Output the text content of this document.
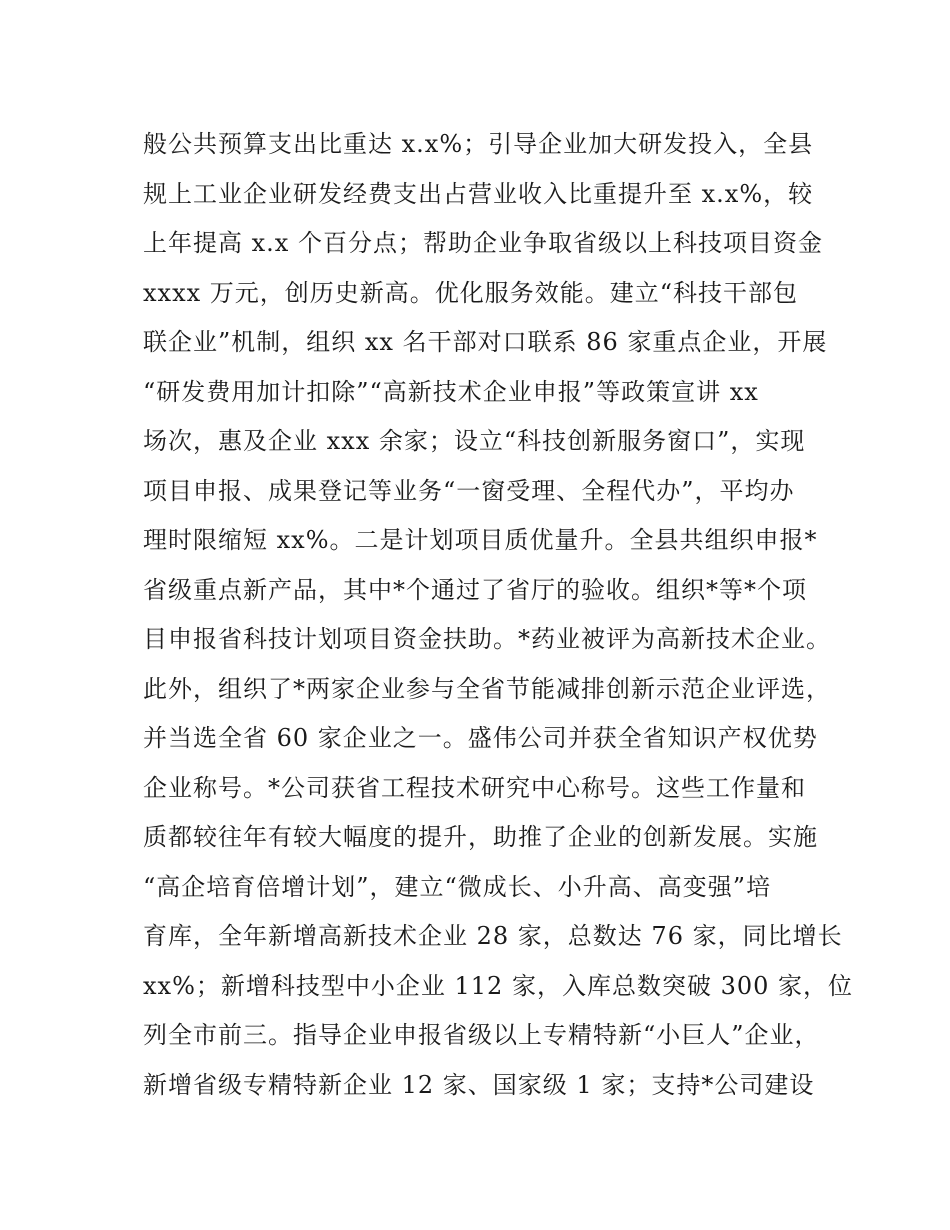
般公共预算支出比重达 x.x%；引导企业加大研发投入，全县
规上工业企业研发经费支出占营业收入比重提升至 x.x%，较
上年提高 x.x 个百分点；帮助企业争取省级以上科技项目资金
xxxx 万元，创历史新高。优化服务效能。建立“科技干部包
联企业”机制，组织 xx 名干部对口联系 86 家重点企业，开展
“研发费用加计扣除”“高新技术企业申报”等政策宣讲 xx
场次，惠及企业 xxx 余家；设立“科技创新服务窗口”，实现
项目申报、成果登记等业务“一窗受理、全程代办”，平均办
理时限缩短 xx%。二是计划项目质优量升。全县共组织申报*
省级重点新产品，其中*个通过了省厅的验收。组织*等*个项
目申报省科技计划项目资金扶助。*药业被评为高新技术企业。
此外，组织了*两家企业参与全省节能减排创新示范企业评选，
并当选全省 60 家企业之一。盛伟公司并获全省知识产权优势
企业称号。*公司获省工程技术研究中心称号。这些工作量和
质都较往年有较大幅度的提升，助推了企业的创新发展。实施
“高企培育倍增计划”，建立“微成长、小升高、高变强”培
育库，全年新增高新技术企业 28 家，总数达 76 家，同比增长
xx%；新增科技型中小企业 112 家，入库总数突破 300 家，位
列全市前三。指导企业申报省级以上专精特新“小巨人”企业，
新增省级专精特新企业 12 家、国家级 1 家；支持*公司建设
